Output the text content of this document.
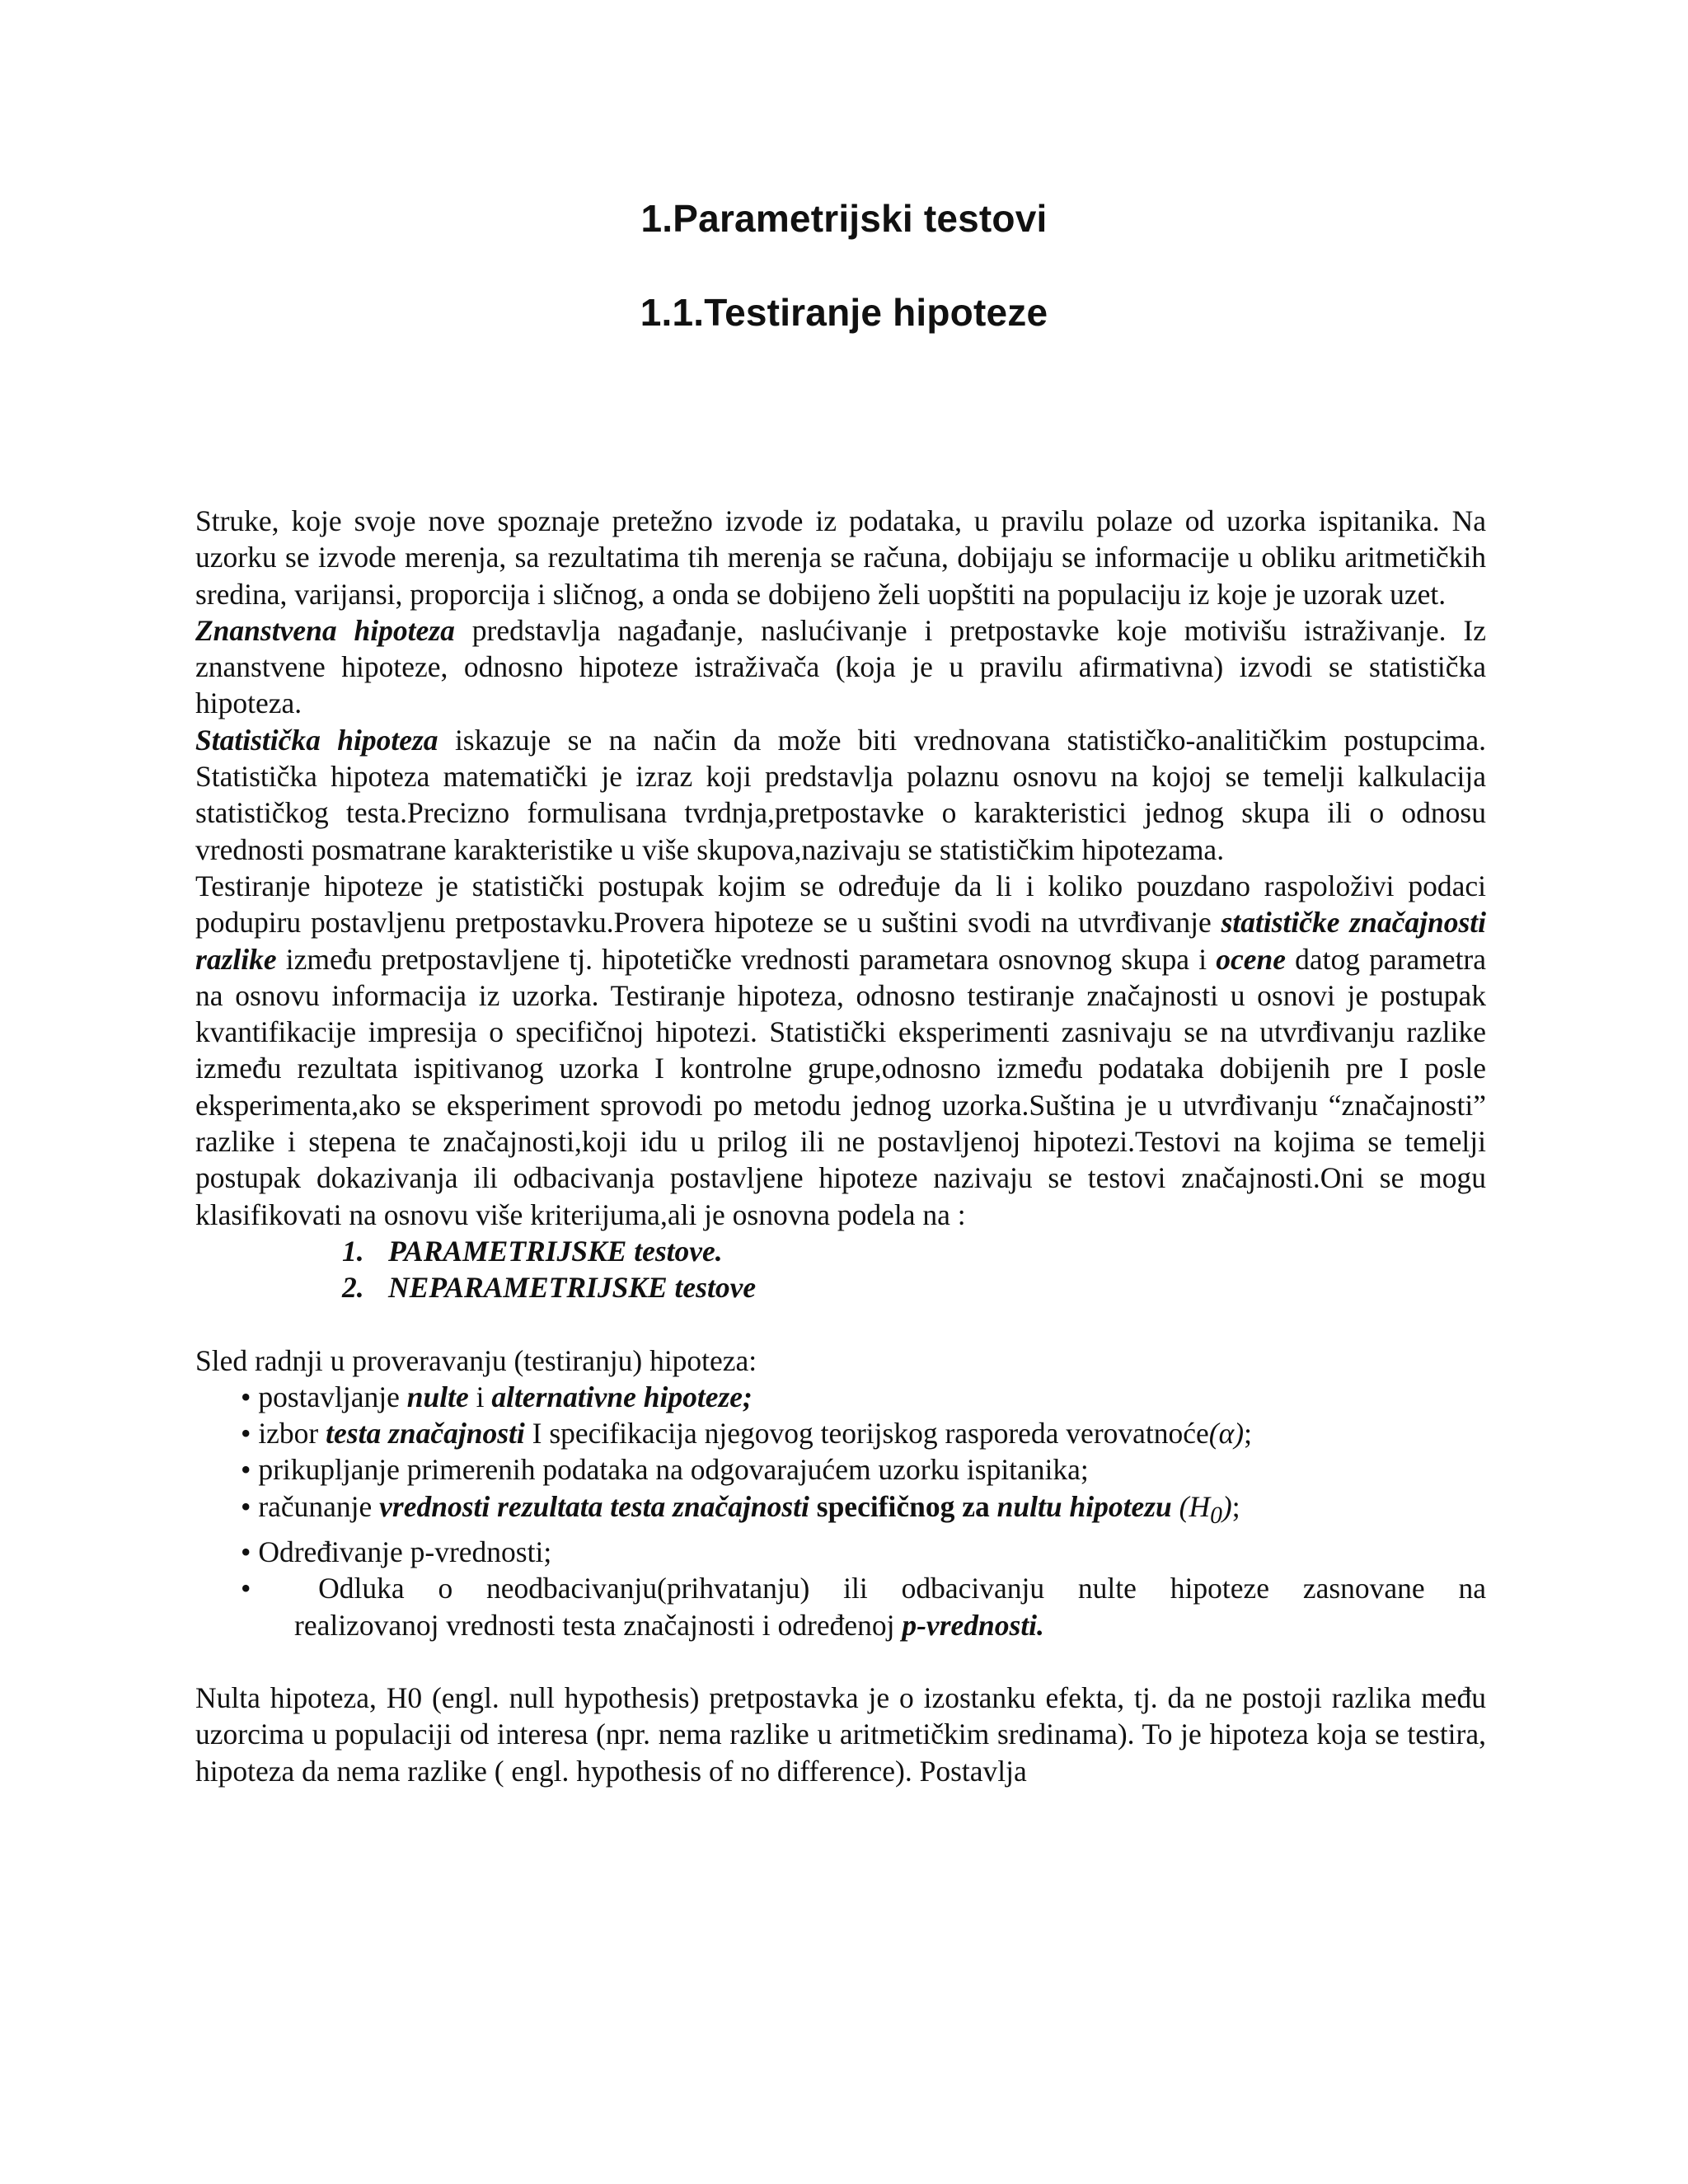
1.Parametrijski testovi
1.1.Testiranje hipoteze

Struke, koje svoje nove spoznaje pretežno izvode iz podataka, u pravilu polaze od uzorka ispitanika. Na uzorku se izvode merenja, sa rezultatima tih merenja se računa, dobijaju se informacije u obliku aritmetičkih sredina, varijansi, proporcija i sličnog, a onda se dobijeno želi uopštiti na populaciju iz koje je uzorak uzet.

Znanstvena hipoteza predstavlja nagađanje, naslućivanje i pretpostavke koje motivišu istraživanje. Iz znanstvene hipoteze, odnosno hipoteze istraživača (koja je u pravilu afirmativna) izvodi se statistička hipoteza.

Statistička hipoteza iskazuje se na način da može biti vrednovana statističko-analitičkim postupcima. Statistička hipoteza matematički je izraz koji predstavlja polaznu osnovu na kojoj se temelji kalkulacija statističkog testa.Precizno formulisana tvrdnja,pretpostavke o karakteristici jednog skupa ili o odnosu vrednosti posmatrane karakteristike u više skupova,nazivaju se statističkim hipotezama.

Testiranje hipoteze je statistički postupak kojim se određuje da li i koliko pouzdano raspoloživi podaci podupiru postavljenu pretpostavku.Provera hipoteze se u suštini svodi na utvrđivanje statističke značajnosti razlike između pretpostavljene tj. hipotetičke vrednosti parametara osnovnog skupa i ocene datog parametra na osnovu informacija iz uzorka. Testiranje hipoteza, odnosno testiranje značajnosti u osnovi je postupak kvantifikacije impresija o specifičnoj hipotezi. Statistički eksperimenti zasnivaju se na utvrđivanju razlike između rezultata ispitivanog uzorka I kontrolne grupe,odnosno između podataka dobijenih pre I posle eksperimenta,ako se eksperiment sprovodi po metodu jednog uzorka.Suština je u utvrđivanju “značajnosti” razlike i stepena te značajnosti,koji idu u prilog ili ne postavljenoj hipotezi.Testovi na kojima se temelji postupak dokazivanja ili odbacivanja postavljene hipoteze nazivaju se testovi značajnosti.Oni se mogu klasifikovati na osnovu više kriterijuma,ali je osnovna podela na :

1. PARAMETRIJSKE testove.

2. NEPARAMETRIJSKE testove

Sled radnji u proveravanju (testiranju) hipoteza:

• postavljanje nulte i alternativne hipoteze;

• izbor testa značajnosti I specifikacija njegovog teorijskog rasporeda verovatnoće(α);

• prikupljanje primerenih podataka na odgovarajućem uzorku ispitanika;

• računanje vrednosti rezultata testa značajnosti specifičnog za nultu hipotezu $(H_0)$;

• Određivanje p-vrednosti;

• Odluka o neodbacivanju(prihvatanju) ili odbacivanju nulte hipoteze zasnovane na

realizovanoj vrednosti testa značajnosti i određenoj p-vrednosti.

Nulta hipoteza, H0 (engl. null hypothesis) pretpostavka je o izostanku efekta, tj. da ne postoji razlika među uzorcima u populaciji od interesa (npr. nema razlike u aritmetičkim sredinama). To je hipoteza koja se testira, hipoteza da nema razlike ( engl. hypothesis of no difference). Postavlja
